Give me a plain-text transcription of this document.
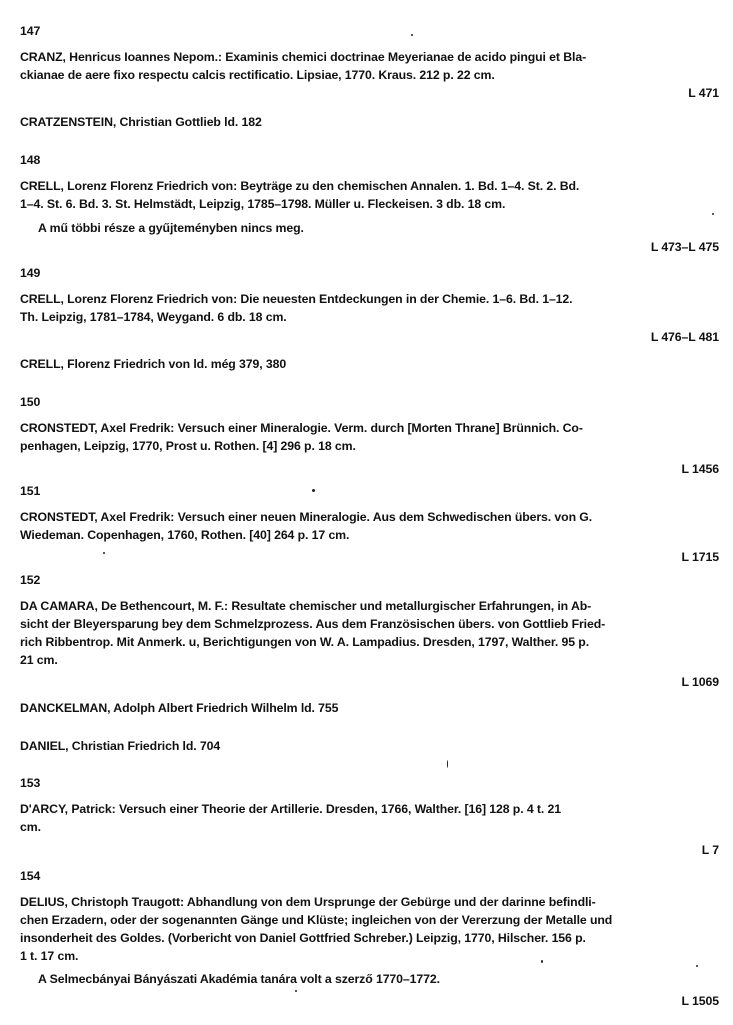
147
CRANZ, Henricus Ioannes Nepom.: Examinis chemici doctrinae Meyerianae de acido pingui et Bla-
ckianae de aere fixo respectu calcis rectificatio. Lipsiae, 1770. Kraus. 212 p. 22 cm.
L 471
CRATZENSTEIN, Christian Gottlieb ld. 182
148
CRELL, Lorenz Florenz Friedrich von: Beyträge zu den chemischen Annalen. 1. Bd. 1–4. St. 2. Bd.
1–4. St. 6. Bd. 3. St. Helmstädt, Leipzig, 1785–1798. Müller u. Fleckeisen. 3 db. 18 cm.
A mű többi része a gyűjteményben nincs meg.
L 473–L 475
149
CRELL, Lorenz Florenz Friedrich von: Die neuesten Entdeckungen in der Chemie. 1–6. Bd. 1–12.
Th. Leipzig, 1781–1784, Weygand. 6 db. 18 cm.
L 476–L 481
CRELL, Florenz Friedrich von ld. még 379, 380
150
CRONSTEDT, Axel Fredrik: Versuch einer Mineralogie. Verm. durch [Morten Thrane] Brünnich. Co-
penhagen, Leipzig, 1770, Prost u. Rothen. [4] 296 p. 18 cm.
L 1456
151
CRONSTEDT, Axel Fredrik: Versuch einer neuen Mineralogie. Aus dem Schwedischen übers. von G.
Wiedeman. Copenhagen, 1760, Rothen. [40] 264 p. 17 cm.
L 1715
152
DA CAMARA, De Bethencourt, M. F.: Resultate chemischer und metallurgischer Erfahrungen, in Ab-
sicht der Bleyersparung bey dem Schmelzprozess. Aus dem Französischen übers. von Gottlieb Fried-
rich Ribbentrop. Mit Anmerk. u, Berichtigungen von W. A. Lampadius. Dresden, 1797, Walther. 95 p.
21 cm.
L 1069
DANCKELMAN, Adolph Albert Friedrich Wilhelm ld. 755
DANIEL, Christian Friedrich ld. 704
153
D'ARCY, Patrick: Versuch einer Theorie der Artillerie. Dresden, 1766, Walther. [16] 128 p. 4 t. 21
cm.
L 7
154
DELIUS, Christoph Traugott: Abhandlung von dem Ursprunge der Gebürge und der darinne befindli-
chen Erzadern, oder der sogenannten Gänge und Klüste; ingleichen von der Vererzung der Metalle und
insonderheit des Goldes. (Vorbericht von Daniel Gottfried Schreber.) Leipzig, 1770, Hilscher. 156 p.
1 t. 17 cm.
A Selmecbányai Bányászati Akadémia tanára volt a szerző 1770–1772.
L 1505
